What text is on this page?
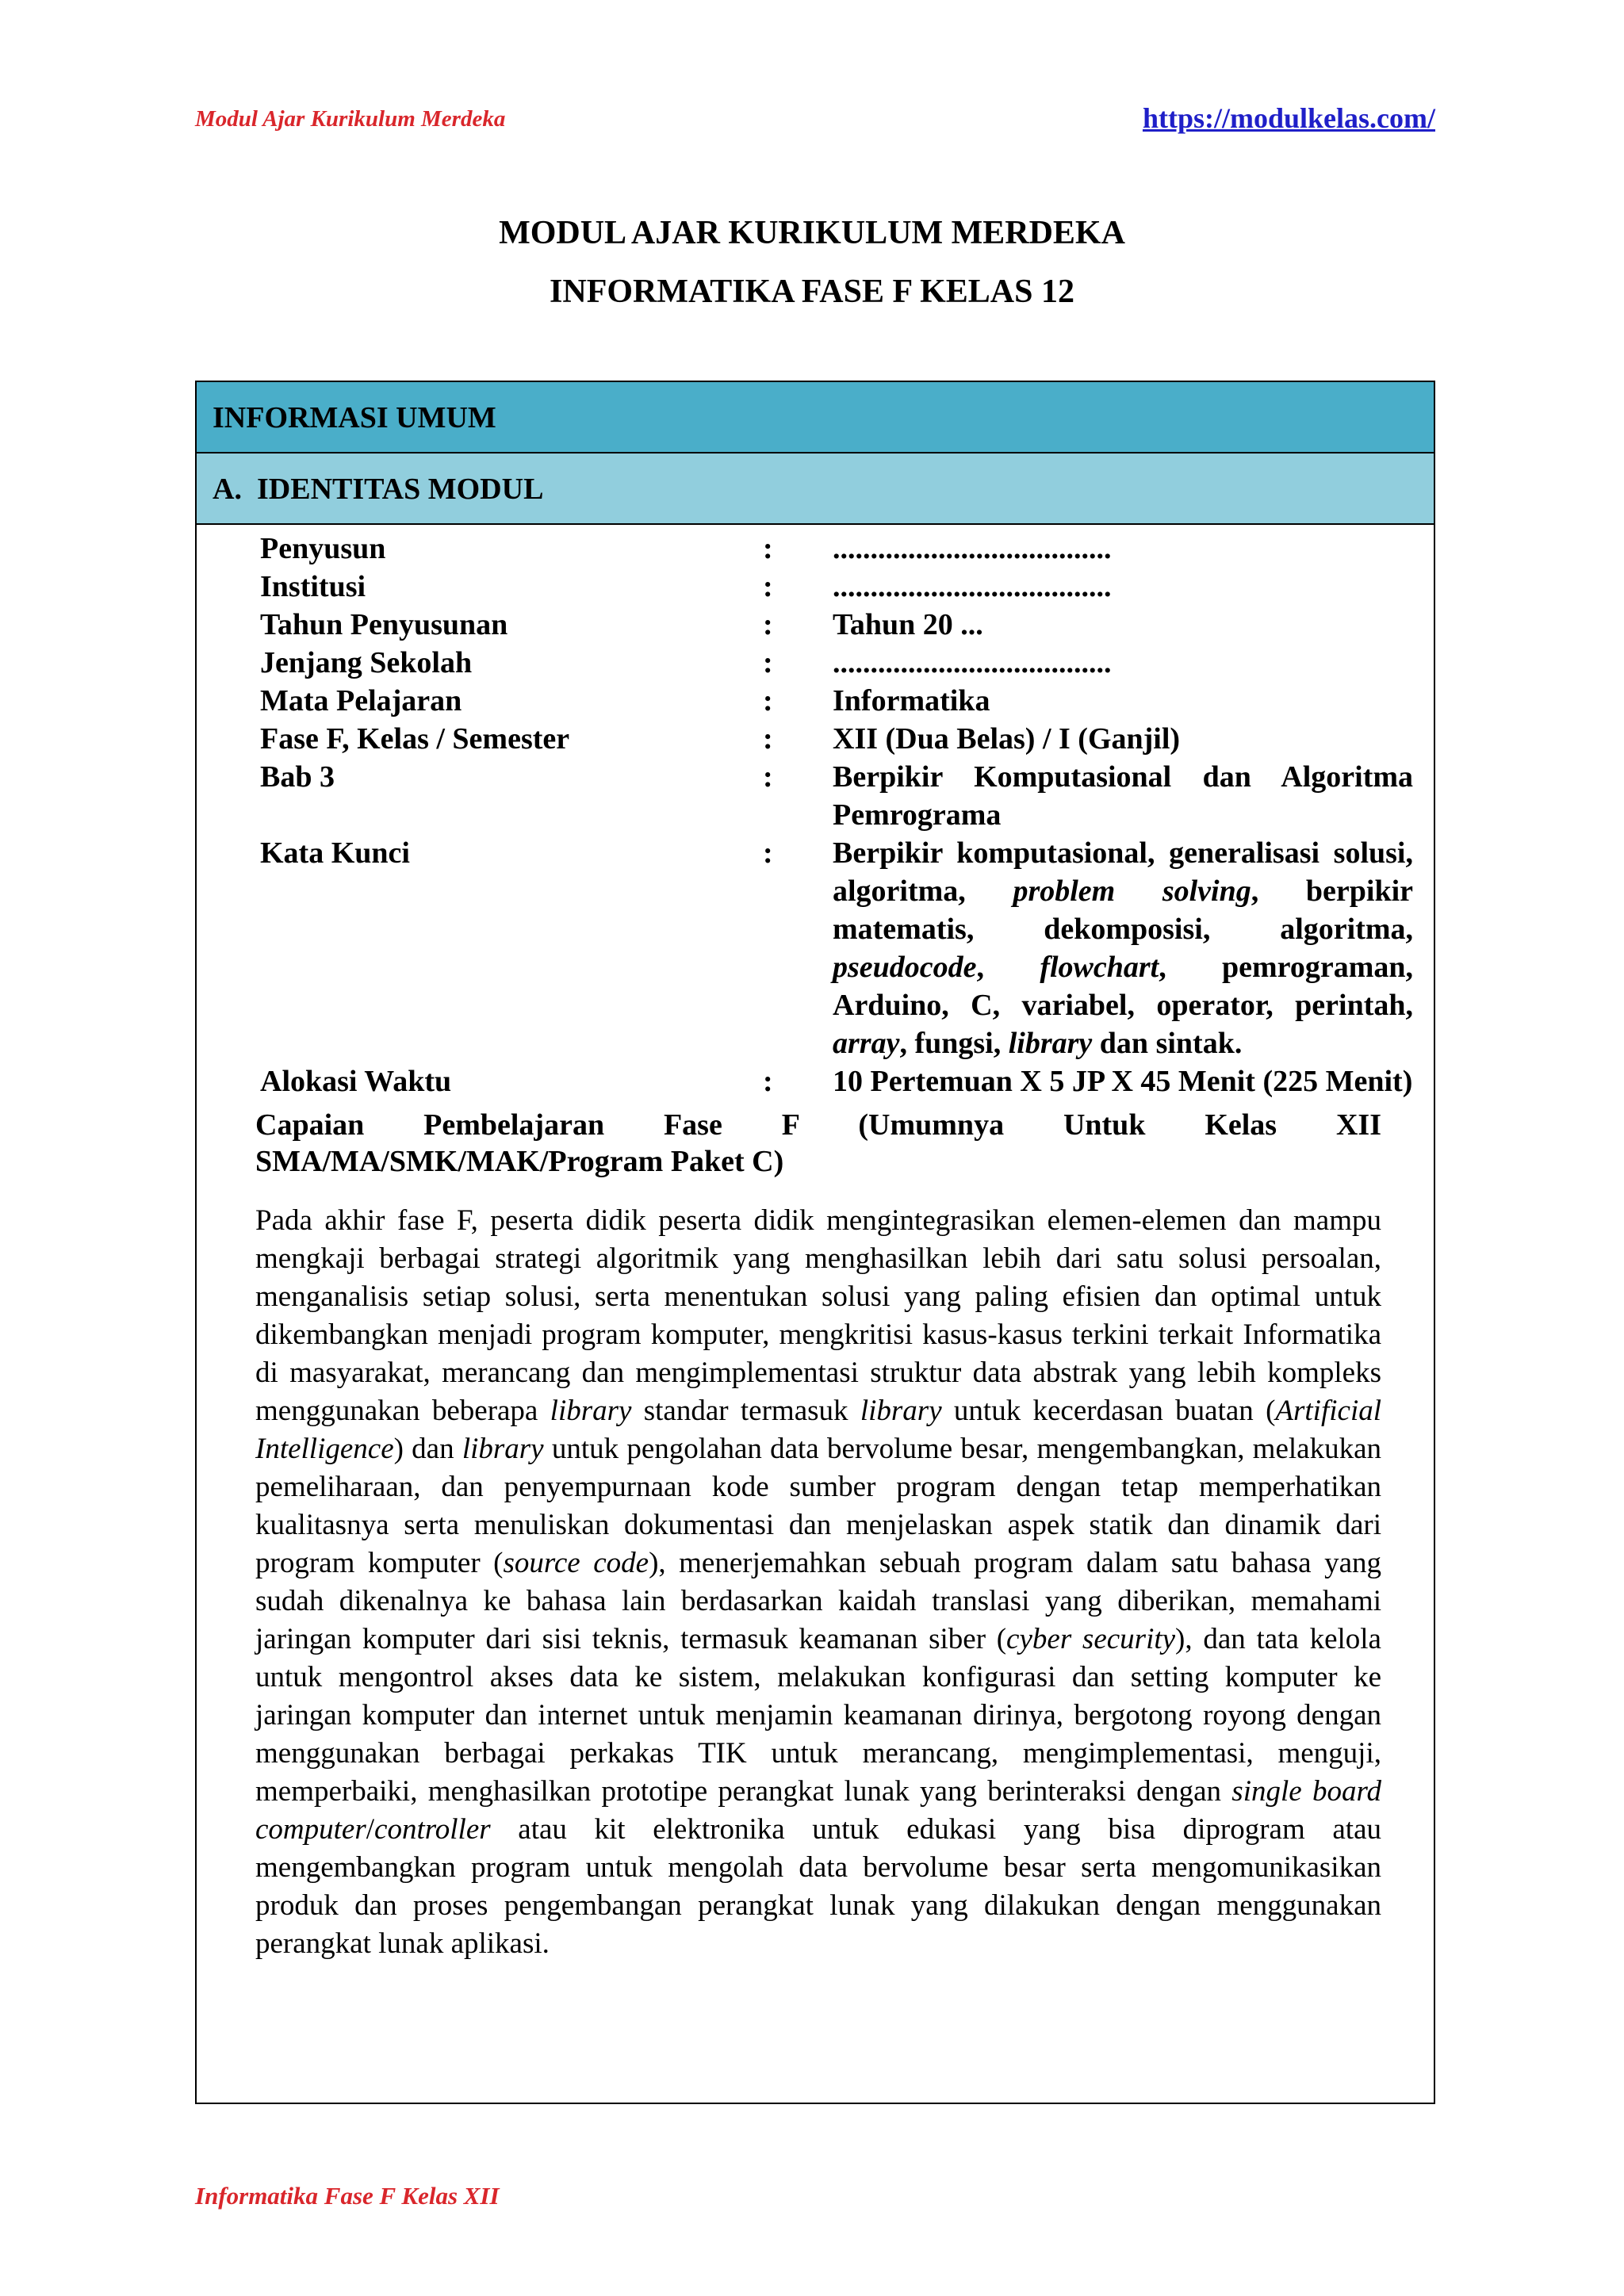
Modul Ajar Kurikulum Merdeka	https://modulkelas.com/
MODUL AJAR KURIKULUM MERDEKA
INFORMATIKA FASE F KELAS 12
INFORMASI UMUM
A. IDENTITAS MODUL
Penyusun	: .....................................
Institusi	: .....................................
Tahun Penyusunan	: Tahun 20 ...
Jenjang Sekolah	: .....................................
Mata Pelajaran	: Informatika
Fase F, Kelas / Semester	: XII (Dua Belas) / I (Ganjil)
Bab 3	: Berpikir Komputasional dan Algoritma
Pemrograma
Kata Kunci	: Berpikir komputasional, generalisasi solusi,
algoritma, problem solving, berpikir
matematis, dekomposisi, algoritma,
pseudocode, flowchart, pemrograman,
Arduino, C, variabel, operator, perintah,
array, fungsi, library dan sintak.
Alokasi Waktu	: 10 Pertemuan X 5 JP X 45 Menit (225 Menit)
Capaian Pembelajaran Fase F (Umumnya Untuk Kelas XII
SMA/MA/SMK/MAK/Program Paket C)
Pada akhir fase F, peserta didik peserta didik mengintegrasikan elemen-elemen dan mampu mengkaji berbagai strategi algoritmik yang menghasilkan lebih dari satu solusi persoalan, menganalisis setiap solusi, serta menentukan solusi yang paling efisien dan optimal untuk dikembangkan menjadi program komputer, mengkritisi kasus-kasus terkini terkait Informatika di masyarakat, merancang dan mengimplementasi struktur data abstrak yang lebih kompleks menggunakan beberapa library standar termasuk library untuk kecerdasan buatan (Artificial Intelligence) dan library untuk pengolahan data bervolume besar, mengembangkan, melakukan pemeliharaan, dan penyempurnaan kode sumber program dengan tetap memperhatikan kualitasnya serta menuliskan dokumentasi dan menjelaskan aspek statik dan dinamik dari program komputer (source code), menerjemahkan sebuah program dalam satu bahasa yang sudah dikenalnya ke bahasa lain berdasarkan kaidah translasi yang diberikan, memahami jaringan komputer dari sisi teknis, termasuk keamanan siber (cyber security), dan tata kelola untuk mengontrol akses data ke sistem, melakukan konfigurasi dan setting komputer ke jaringan komputer dan internet untuk menjamin keamanan dirinya, bergotong royong dengan menggunakan berbagai perkakas TIK untuk merancang, mengimplementasi, menguji, memperbaiki, menghasilkan prototipe perangkat lunak yang berinteraksi dengan single board computer/controller atau kit elektronika untuk edukasi yang bisa diprogram atau mengembangkan program untuk mengolah data bervolume besar serta mengomunikasikan produk dan proses pengembangan perangkat lunak yang dilakukan dengan menggunakan perangkat lunak aplikasi.
Informatika Fase F Kelas XII
